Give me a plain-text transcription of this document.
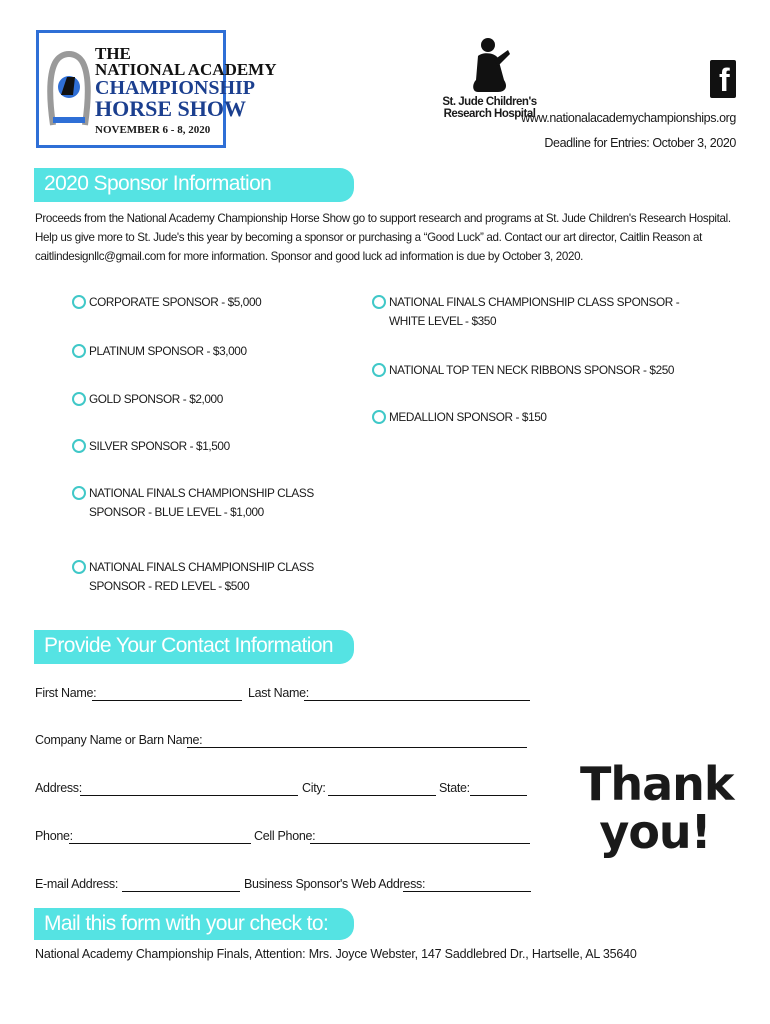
THE
NATIONAL ACADEMY
CHAMPIONSHIP
HORSE SHOW
NOVEMBER 6 - 8, 2020
St. Jude Children's
Research Hospital
f
www.nationalacademychampionships.org
Deadline for Entries: October 3, 2020
2020 Sponsor Information
Proceeds from the National Academy Championship Horse Show go to support research and programs at St. Jude Children's Research Hospital. Help us give more to St. Jude's this year by becoming a sponsor or purchasing a “Good Luck” ad. Contact our art director, Caitlin Reason at caitlindesignllc@gmail.com for more information. Sponsor and good luck ad information is due by October 3, 2020.
CORPORATE SPONSOR - $5,000
PLATINUM SPONSOR - $3,000
GOLD SPONSOR - $2,000
SILVER SPONSOR - $1,500
NATIONAL FINALS CHAMPIONSHIP CLASS SPONSOR - BLUE LEVEL - $1,000
NATIONAL FINALS CHAMPIONSHIP CLASS SPONSOR - RED LEVEL - $500
NATIONAL FINALS CHAMPIONSHIP CLASS SPONSOR - WHITE LEVEL - $350
NATIONAL TOP TEN NECK RIBBONS SPONSOR - $250
MEDALLION SPONSOR - $150
Provide Your Contact Information
First Name:	Last Name:
Company Name or Barn Name:
Address:	City:	State:
Phone:	Cell Phone:
E-mail Address:	Business Sponsor's Web Address:
Thank
you!
Mail this form with your check to:
National Academy Championship Finals, Attention: Mrs. Joyce Webster, 147 Saddlebred Dr., Hartselle, AL 35640
